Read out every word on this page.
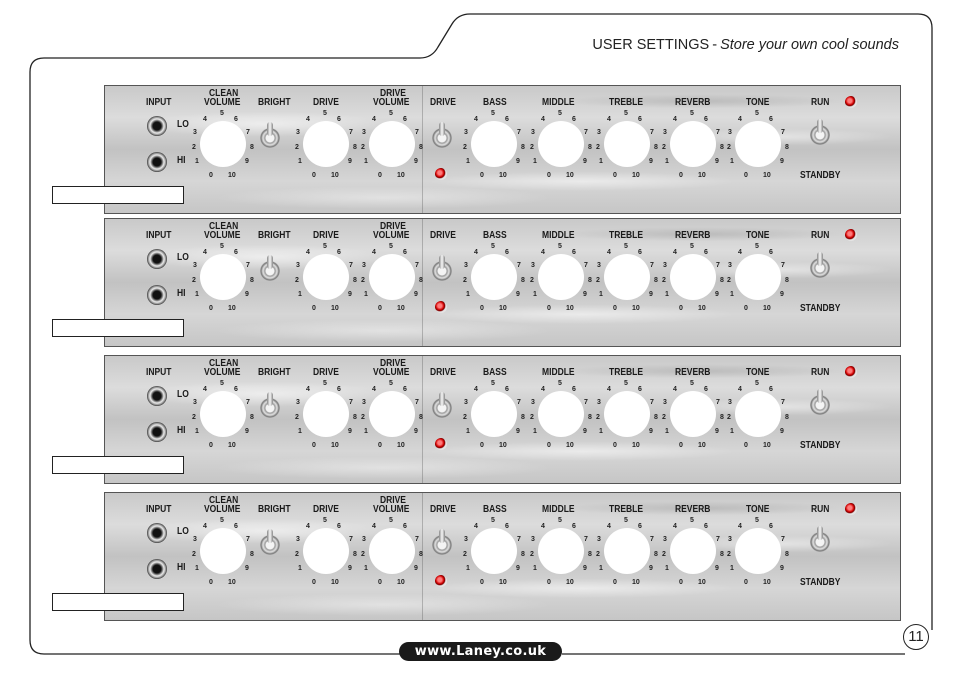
USER SETTINGS - Store your own cool sounds
INPUT
LO
HI
CLEAN
VOLUME BRIGHT DRIVE
DRIVE
VOLUME DRIVE	BASS	MIDDLE	TREBLE	REVERB	TONE	RUN
STANDBY
0
1
2
3
4
5
6
7
8
9
10	0
1
2
3
4
5
6
7
8
9
10	0
1
2
3
4
5
6
7
8
9
10	0
1
2
3
4
5
6
7
8
9
10	0
1
2
3
4
5
6
7
8
9
10	0
1
2
3
4
5
6
7
8
9
10	0
1
2
3
4
5
6
7
8
9
10	0
1
2
3
4
5
6
7
8
9
10
INPUT
LO
HI
CLEAN
VOLUME BRIGHT DRIVE
DRIVE
VOLUME DRIVE	BASS	MIDDLE	TREBLE	REVERB	TONE	RUN
STANDBY
0
1
2
3
4
5
6
7
8
9
10	0
1
2
3
4
5
6
7
8
9
10	0
1
2
3
4
5
6
7
8
9
10	0
1
2
3
4
5
6
7
8
9
10	0
1
2
3
4
5
6
7
8
9
10	0
1
2
3
4
5
6
7
8
9
10	0
1
2
3
4
5
6
7
8
9
10	0
1
2
3
4
5
6
7
8
9
10
INPUT
LO
HI
CLEAN
VOLUME BRIGHT DRIVE
DRIVE
VOLUME DRIVE	BASS	MIDDLE	TREBLE	REVERB	TONE	RUN
STANDBY
0
1
2
3
4
5
6
7
8
9
10	0
1
2
3
4
5
6
7
8
9
10	0
1
2
3
4
5
6
7
8
9
10	0
1
2
3
4
5
6
7
8
9
10	0
1
2
3
4
5
6
7
8
9
10	0
1
2
3
4
5
6
7
8
9
10	0
1
2
3
4
5
6
7
8
9
10	0
1
2
3
4
5
6
7
8
9
10
INPUT
LO
HI
CLEAN
VOLUME BRIGHT DRIVE
DRIVE
VOLUME DRIVE	BASS	MIDDLE	TREBLE	REVERB	TONE	RUN
STANDBY
0
1
2
3
4
5
6
7
8
9
10	0
1
2
3
4
5
6
7
8
9
10	0
1
2
3
4
5
6
7
8
9
10	0
1
2
3
4
5
6
7
8
9
10	0
1
2
3
4
5
6
7
8
9
10	0
1
2
3
4
5
6
7
8
9
10	0
1
2
3
4
5
6
7
8
9
10	0
1
2
3
4
5
6
7
8
9
10
www.Laney.co.uk
11
